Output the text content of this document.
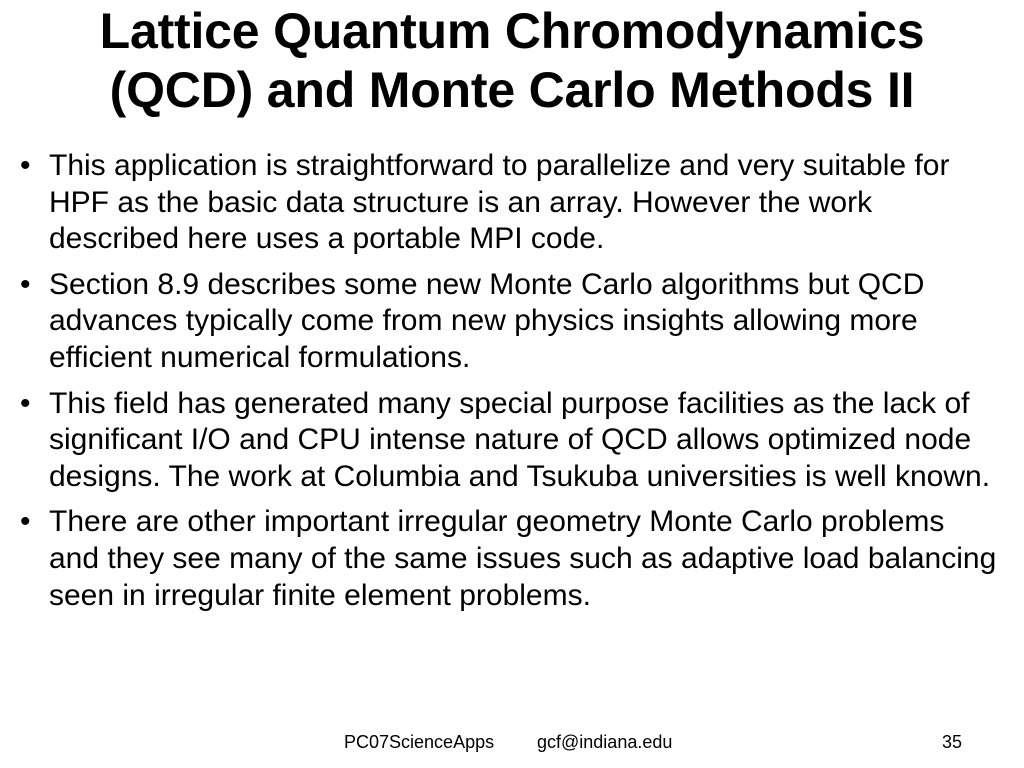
Lattice Quantum Chromodynamics
(QCD) and Monte Carlo Methods II
• This application is straightforward to parallelize and very suitable for HPF as the basic data structure is an array. However the work described here uses a portable MPI code.
• Section 8.9 describes some new Monte Carlo algorithms but QCD advances typically come from new physics insights allowing more efficient numerical formulations.
• This field has generated many special purpose facilities as the lack of significant I/O and CPU intense nature of QCD allows optimized node designs. The work at Columbia and Tsukuba universities is well known.
• There are other important irregular geometry Monte Carlo problems and they see many of the same issues such as adaptive load balancing seen in irregular finite element problems.
PC07ScienceApps gcf@indiana.edu	35
